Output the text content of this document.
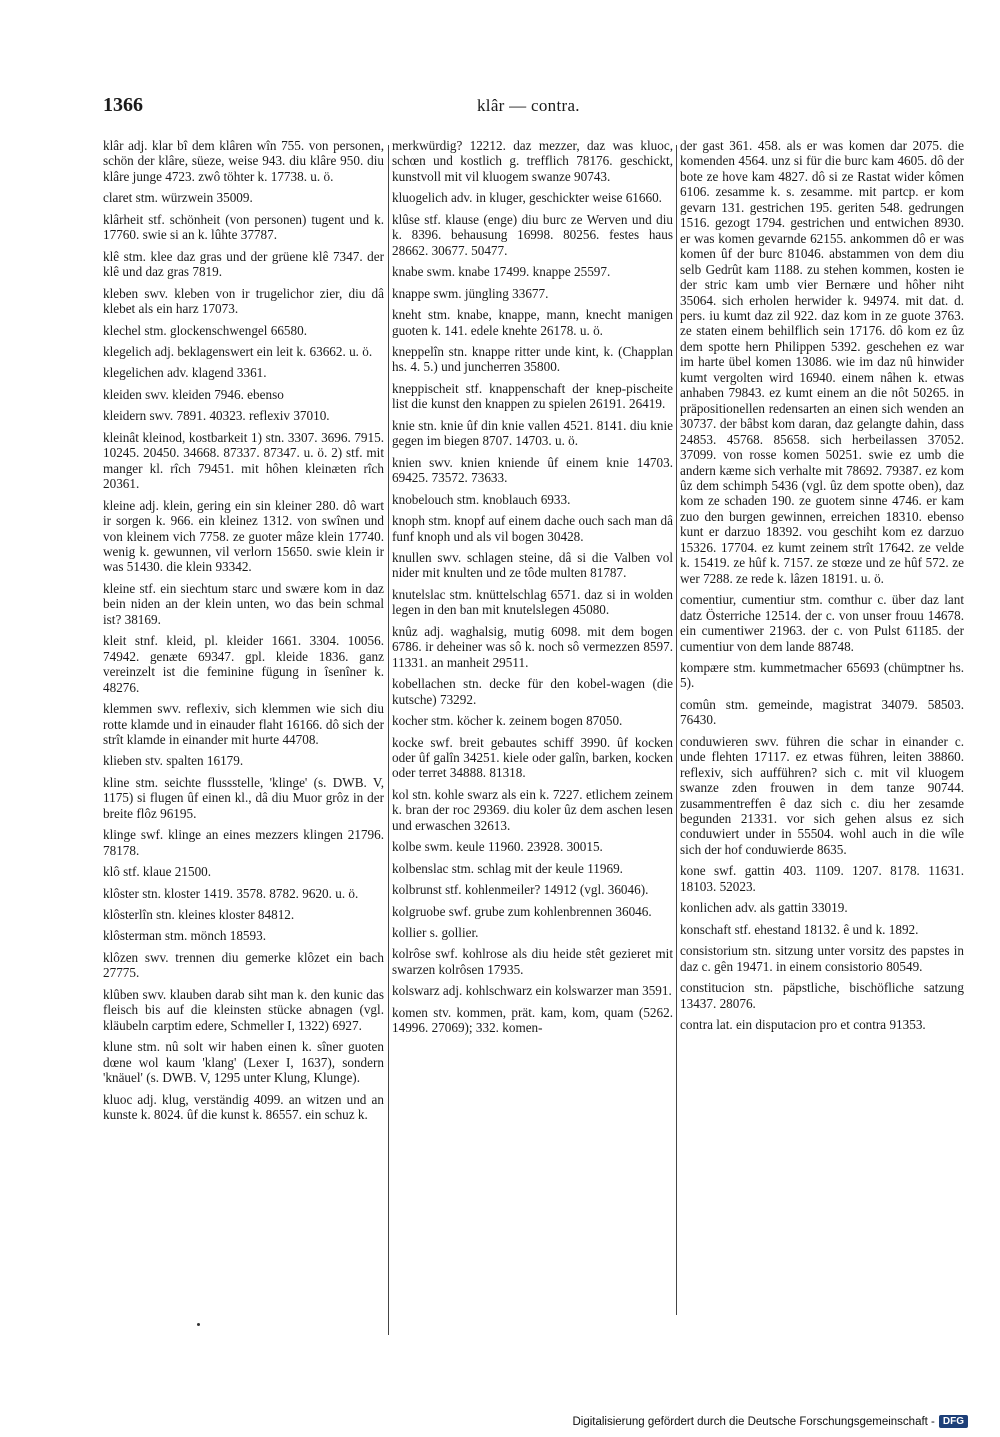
1366	klâr — contra.
klâr adj. klar bî dem klâren wîn 755. von personen, schön der klâre, süeze, weise 943. diu klâre 950. diu klâre junge 4723. zwô töhter k. 17738. u. ö.
claret stm. würzwein 35009.
klârheit stf. schönheit (von personen) tugent und k. 17760. swie si an k. lûhte 37787.
klê stm. klee daz gras und der grüene klê 7347. der klê und daz gras 7819.
kleben swv. kleben von ir trugelichor zier, diu dâ klebet als ein harz 17073.
klechel stm. glockenschwengel 66580.
klegelich adj. beklagenswert ein leit k. 63662. u. ö.
klegelichen adv. klagend 3361.
kleiden swv. kleiden 7946. ebenso
kleidern swv. 7891. 40323. reflexiv 37010.
kleinât kleinod, kostbarkeit 1) stn. 3307. 3696. 7915. 10245. 20450. 34668. 87337. 87347. u. ö. 2) stf. mit manger kl. rîch 79451. mit hôhen kleinæten rîch 20361.
kleine adj. klein, gering ein sin kleiner 280. dô wart ir sorgen k. 966. ein kleinez 1312. von swînen und von kleinem vich 7758. ze guoter mâze klein 17740. wenig k. gewunnen, vil verlorn 15650. swie klein ir was 51430. die klein 93342.
kleine stf. ein siechtum starc und swære kom in daz bein niden an der klein unten, wo das bein schmal ist? 38169.
kleit stnf. kleid, pl. kleider 1661. 3304. 10056. 74942. genæte 69347. gpl. kleide 1836. ganz vereinzelt ist die feminine fügung in îsenîner k. 48276.
klemmen swv. reflexiv, sich klemmen wie sich diu rotte klamde und in einauder flaht 16166. dô sich der strît klamde in einander mit hurte 44708.
klieben stv. spalten 16179.
kline stm. seichte flussstelle, 'klinge' (s. DWB. V, 1175) si flugen ûf einen kl., dâ diu Muor grôz in der breite flôz 96195.
klinge swf. klinge an eines mezzers klingen 21796. 78178.
klô stf. klaue 21500.
klôster stn. kloster 1419. 3578. 8782. 9620. u. ö.
klôsterlîn stn. kleines kloster 84812.
klôsterman stm. mönch 18593.
klôzen swv. trennen diu gemerke klôzet ein bach 27775.
klûben swv. klauben darab siht man k. den kunic das fleisch bis auf die kleinsten stücke abnagen (vgl. kläubeln carptim edere, Schmeller I, 1322) 6927.
klune stm. nû solt wir haben einen k. sîner guoten dœne wol kaum 'klang' (Lexer I, 1637), sondern 'knäuel' (s. DWB. V, 1295 unter Klung, Klunge).
kluoc adj. klug, verständig 4099. an witzen und an kunste k. 8024. ûf die kunst k. 86557. ein schuz k.
merkwürdig? 12212. daz mezzer, daz was kluoc, schœn und kostlich g. trefflich 78176. geschickt, kunstvoll mit vil kluogem swanze 90743.
kluogelich adv. in kluger, geschickter weise 61660.
klûse stf. klause (enge) diu burc ze Werven und diu k. 8396. behausung 16998. 80256. festes haus 28662. 30677. 50477.
knabe swm. knabe 17499. knappe 25597.
knappe swm. jüngling 33677.
kneht stm. knabe, knappe, mann, knecht manigen guoten k. 141. edele knehte 26178. u. ö.
kneppelîn stn. knappe ritter unde kint, k. (Chapplan hs. 4. 5.) und juncherren 35800.
kneppischeit stf. knappenschaft der knep-pischeite list die kunst den knappen zu spielen 26191. 26419.
knie stn. knie ûf din knie vallen 4521. 8141. diu knie gegen im biegen 8707. 14703. u. ö.
knien swv. knien kniende ûf einem knie 14703. 69425. 73572. 73633.
knobelouch stm. knoblauch 6933.
knoph stm. knopf auf einem dache ouch sach man dâ funf knoph und als vil bogen 30428.
knullen swv. schlagen steine, dâ si die Valben vol nider mit knulten und ze tôde multen 81787.
knutelslac stm. knüttelschlag 6571. daz si in wolden legen in den ban mit knutelslegen 45080.
knûz adj. waghalsig, mutig 6098. mit dem bogen 6786. ir deheiner was sô k. noch sô vermezzen 8597. 11331. an manheit 29511.
kobellachen stn. decke für den kobel-wagen (die kutsche) 73292.
kocher stm. köcher k. zeinem bogen 87050.
kocke swf. breit gebautes schiff 3990. ûf kocken oder ûf galîn 34251. kiele oder galîn, barken, kocken oder terret 34888. 81318.
kol stn. kohle swarz als ein k. 7227. etlichem zeinem k. bran der roc 29369. diu koler ûz dem aschen lesen und erwaschen 32613.
kolbe swm. keule 11960. 23928. 30015.
kolbenslac stm. schlag mit der keule 11969.
kolbrunst stf. kohlenmeiler? 14912 (vgl. 36046).
kolgruobe swf. grube zum kohlenbrennen 36046.
kollier s. gollier.
kolrôse swf. kohlrose als diu heide stêt gezieret mit swarzen kolrôsen 17935.
kolswarz adj. kohlschwarz ein kolswarzer man 3591.
komen stv. kommen, prät. kam, kom, quam (5262. 14996. 27069); 332. komen-
der gast 361. 458. als er was komen dar 2075. die komenden 4564. unz si für die burc kam 4605. dô der bote ze hove kam 4827. dô si ze Rastat wider kômen 6106. zesamme k. s. zesamme. mit partcp. er kom gevarn 131. gestrichen 195. geriten 548. gedrungen 1516. gezogt 1794. gestrichen und entwichen 8930. er was komen gevarnde 62155. ankommen dô er was komen ûf der burc 81046. abstammen von dem diu selb Gedrût kam 1188. zu stehen kommen, kosten ie der stric kam umb vier Bernære und hôher niht 35064. sich erholen herwider k. 94974. mit dat. d. pers. iu kumt daz zil 922. daz kom in ze guote 3763. ze staten einem behilflich sein 17176. dô kom ez ûz dem spotte hern Philippen 5392. geschehen ez war im harte übel komen 13086. wie im daz nû hinwider kumt vergolten wird 16940. einem nâhen k. etwas anhaben 79843. ez kumt einem an die nôt 50265. in präpositionellen redensarten an einen sich wenden an 30737. der bâbst kom daran, daz gelangte dahin, dass 24853. 45768. 85658. sich herbeilassen 37052. 37099. von rosse komen 50251. swie ez umb die andern kæme sich verhalte mit 78692. 79387. ez kom ûz dem schimph 5436 (vgl. ûz dem spotte oben), daz kom ze schaden 190. ze guotem sinne 4746. er kam zuo den burgen gewinnen, erreichen 18310. ebenso kunt er darzuo 18392. vou geschiht kom ez darzuo 15326. 17704. ez kumt zeinem strît 17642. ze velde k. 15419. ze hûf k. 7157. ze stœze und ze hûf 572. ze wer 7288. ze rede k. lâzen 18191. u. ö.
comentiur, cumentiur stm. comthur c. über daz lant datz Österriche 12514. der c. von unser frouu 14678. ein cumentiwer 21963. der c. von Pulst 61185. der cumentiur von dem lande 88748.
kompære stm. kummetmacher 65693 (chümptner hs. 5).
comûn stm. gemeinde, magistrat 34079. 58503. 76430.
conduwieren swv. führen die schar in einander c. unde flehten 17117. ez etwas führen, leiten 38860. reflexiv, sich aufführen? sich c. mit vil kluogem swanze zden frouwen in dem tanze 90744. zusammentreffen ê daz sich c. diu her zesamde begunden 21331. vor sich gehen alsus ez sich conduwiert under in 55504. wohl auch in die wîle sich der hof conduwierde 8635.
kone swf. gattin 403. 1109. 1207. 8178. 11631. 18103. 52023.
konlichen adv. als gattin 33019.
konschaft stf. ehestand 18132. ê und k. 1892.
consistorium stn. sitzung unter vorsitz des papstes in daz c. gên 19471. in einem consistorio 80549.
constitucion stn. päpstliche, bischöfliche satzung 13437. 28076.
contra lat. ein disputacion pro et contra 91353.
Digitalisierung gefördert durch die Deutsche Forschungsgemeinschaft - DFG
